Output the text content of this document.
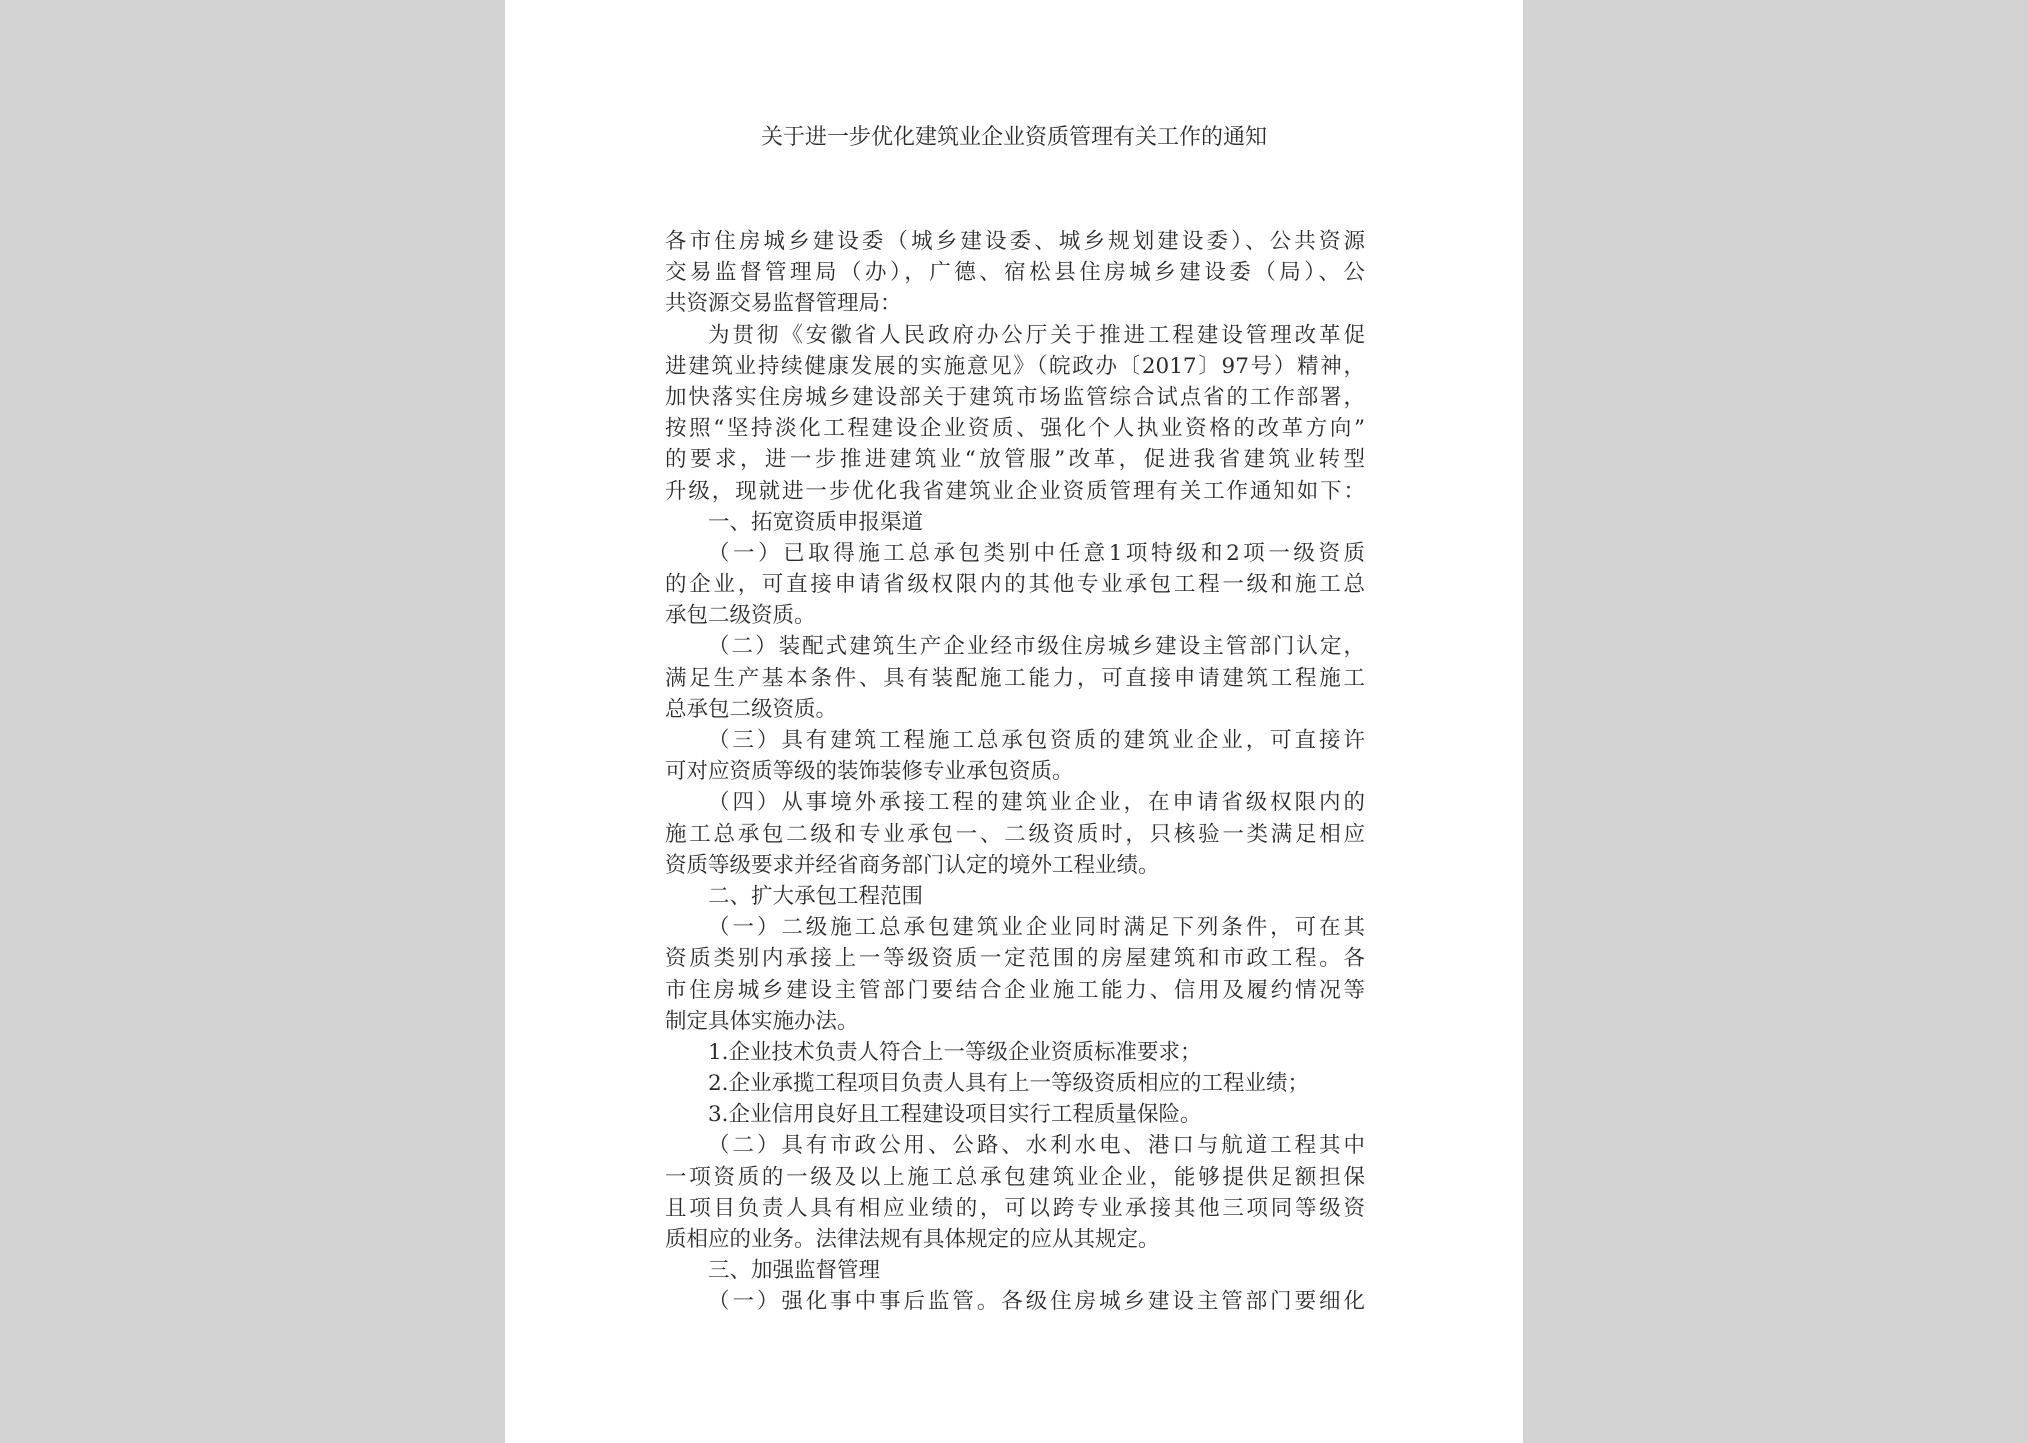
关于进一步优化建筑业企业资质管理有关工作的通知
各市住房城乡建设委（城乡建设委、城乡规划建设委）、公共资源
交易监督管理局（办），广德、宿松县住房城乡建设委（局）、公
共资源交易监督管理局：
为贯彻《安徽省人民政府办公厅关于推进工程建设管理改革促
进建筑业持续健康发展的实施意见》（皖政办〔2017〕97号）精神，
加快落实住房城乡建设部关于建筑市场监管综合试点省的工作部署，
按照“坚持淡化工程建设企业资质、强化个人执业资格的改革方向”
的要求，进一步推进建筑业“放管服”改革，促进我省建筑业转型
升级，现就进一步优化我省建筑业企业资质管理有关工作通知如下：
一、拓宽资质申报渠道
（一）已取得施工总承包类别中任意1项特级和2项一级资质
的企业，可直接申请省级权限内的其他专业承包工程一级和施工总
承包二级资质。
（二）装配式建筑生产企业经市级住房城乡建设主管部门认定，
满足生产基本条件、具有装配施工能力，可直接申请建筑工程施工
总承包二级资质。
（三）具有建筑工程施工总承包资质的建筑业企业，可直接许
可对应资质等级的装饰装修专业承包资质。
（四）从事境外承接工程的建筑业企业，在申请省级权限内的
施工总承包二级和专业承包一、二级资质时，只核验一类满足相应
资质等级要求并经省商务部门认定的境外工程业绩。
二、扩大承包工程范围
（一）二级施工总承包建筑业企业同时满足下列条件，可在其
资质类别内承接上一等级资质一定范围的房屋建筑和市政工程。各
市住房城乡建设主管部门要结合企业施工能力、信用及履约情况等
制定具体实施办法。
1.企业技术负责人符合上一等级企业资质标准要求；
2.企业承揽工程项目负责人具有上一等级资质相应的工程业绩；
3.企业信用良好且工程建设项目实行工程质量保险。
（二）具有市政公用、公路、水利水电、港口与航道工程其中
一项资质的一级及以上施工总承包建筑业企业，能够提供足额担保
且项目负责人具有相应业绩的，可以跨专业承接其他三项同等级资
质相应的业务。法律法规有具体规定的应从其规定。
三、加强监督管理
（一）强化事中事后监管。各级住房城乡建设主管部门要细化
